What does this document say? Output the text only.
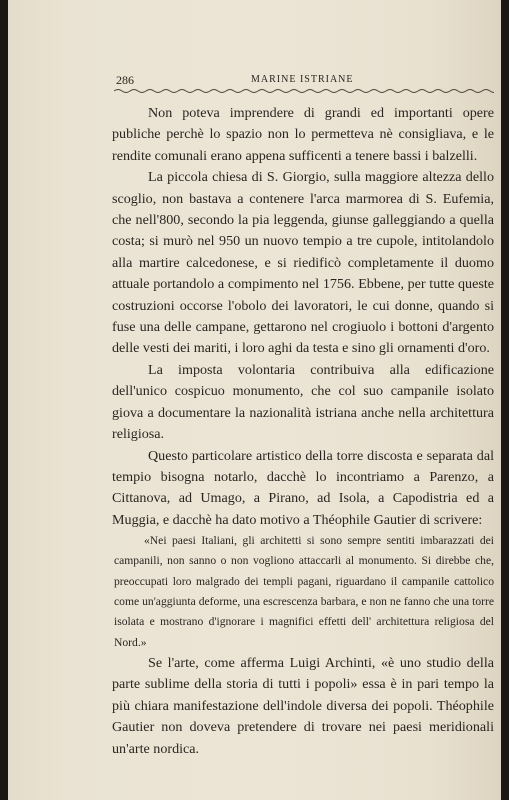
286	MARINE ISTRIANE

Non poteva imprendere di grandi ed importanti opere publiche perchè lo spazio non lo permetteva nè consigliava, e le rendite comunali erano appena sufficenti a tenere bassi i balzelli.

La piccola chiesa di S. Giorgio, sulla maggiore altezza dello scoglio, non bastava a contenere l'arca marmorea di S. Eufemia, che nell'800, secondo la pia leggenda, giunse galleggiando a quella costa; si murò nel 950 un nuovo tempio a tre cupole, intitolandolo alla martire calcedonese, e si riedificò completamente il duomo attuale portandolo a compimento nel 1756. Ebbene, per tutte queste costruzioni occorse l'obolo dei lavoratori, le cui donne, quando si fuse una delle campane, gettarono nel crogiuolo i bottoni d'argento delle vesti dei mariti, i loro aghi da testa e sino gli ornamenti d'oro.

La imposta volontaria contribuiva alla edificazione dell'unico cospicuo monumento, che col suo campanile isolato giova a documentare la nazionalità istriana anche nella architettura religiosa.

Questo particolare artistico della torre discosta e separata dal tempio bisogna notarlo, dacchè lo incontriamo a Parenzo, a Cittanova, ad Umago, a Pirano, ad Isola, a Capodistria ed a Muggia, e dacchè ha dato motivo a Théophile Gautier di scrivere:

«Nei paesi Italiani, gli architetti si sono sempre sentiti imbarazzati dei campanili, non sanno o non vogliono attaccarli al monumento. Si direbbe che, preoccupati loro malgrado dei templi pagani, riguardano il campanile cattolico come un'aggiunta deforme, una escrescenza barbara, e non ne fanno che una torre isolata e mostrano d'ignorare i magnifici effetti dell' architettura religiosa del Nord.»

Se l'arte, come afferma Luigi Archinti, «è uno studio della parte sublime della storia di tutti i popoli» essa è in pari tempo la più chiara manifestazione dell'indole diversa dei popoli. Théophile Gautier non doveva pretendere di trovare nei paesi meridionali un'arte nordica.
